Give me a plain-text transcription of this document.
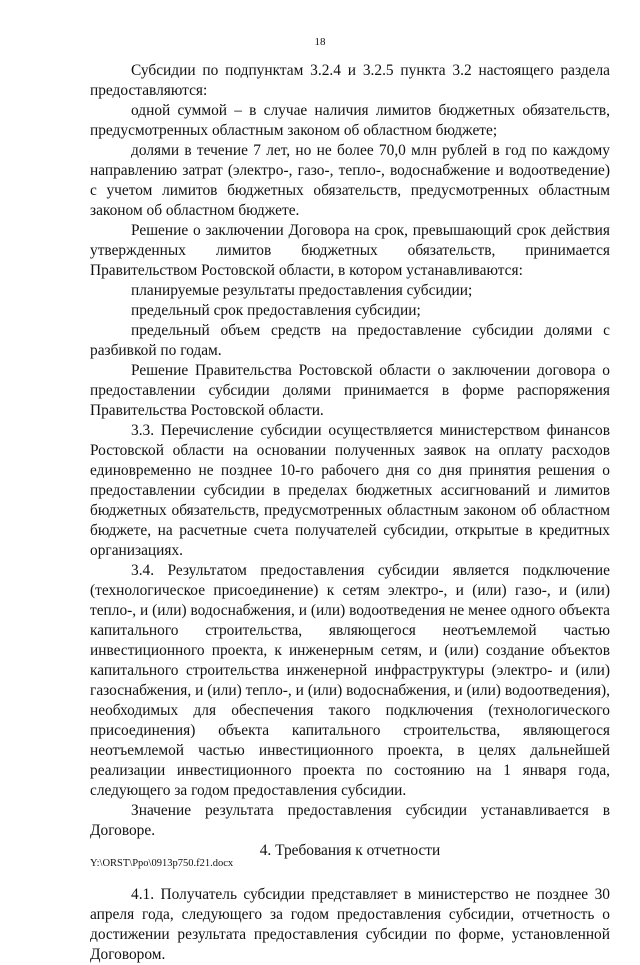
18

Субсидии по подпунктам 3.2.4 и 3.2.5 пункта 3.2 настоящего раздела предоставляются:

одной суммой – в случае наличия лимитов бюджетных обязательств, предусмотренных областным законом об областном бюджете;

долями в течение 7 лет, но не более 70,0 млн рублей в год по каждому направлению затрат (электро-, газо-, тепло-, водоснабжение и водоотведение) с учетом лимитов бюджетных обязательств, предусмотренных областным законом об областном бюджете.

Решение о заключении Договора на срок, превышающий срок действия утвержденных лимитов бюджетных обязательств, принимается Правительством Ростовской области, в котором устанавливаются:

планируемые результаты предоставления субсидии;

предельный срок предоставления субсидии;

предельный объем средств на предоставление субсидии долями с разбивкой по годам.

Решение Правительства Ростовской области о заключении договора о предоставлении субсидии долями принимается в форме распоряжения Правительства Ростовской области.

3.3. Перечисление субсидии осуществляется министерством финансов Ростовской области на основании полученных заявок на оплату расходов единовременно не позднее 10-го рабочего дня со дня принятия решения о предоставлении субсидии в пределах бюджетных ассигнований и лимитов бюджетных обязательств, предусмотренных областным законом об областном бюджете, на расчетные счета получателей субсидии, открытые в кредитных организациях.

3.4. Результатом предоставления субсидии является подключение (технологическое присоединение) к сетям электро-, и (или) газо-, и (или) тепло-, и (или) водоснабжения, и (или) водоотведения не менее одного объекта капитального строительства, являющегося неотъемлемой частью инвестиционного проекта, к инженерным сетям, и (или) создание объектов капитального строительства инженерной инфраструктуры (электро- и (или) газоснабжения, и (или) тепло-, и (или) водоснабжения, и (или) водоотведения), необходимых для обеспечения такого подключения (технологического присоединения) объекта капитального строительства, являющегося неотъемлемой частью инвестиционного проекта, в целях дальнейшей реализации инвестиционного проекта по состоянию на 1 января года, следующего за годом предоставления субсидии.

Значение результата предоставления субсидии устанавливается в Договоре.

4. Требования к отчетности

4.1. Получатель субсидии представляет в министерство не позднее 30 апреля года, следующего за годом предоставления субсидии, отчетность о достижении результата предоставления субсидии по форме, установленной Договором.

Y:\ORST\Ppo\0913p750.f21.docx
